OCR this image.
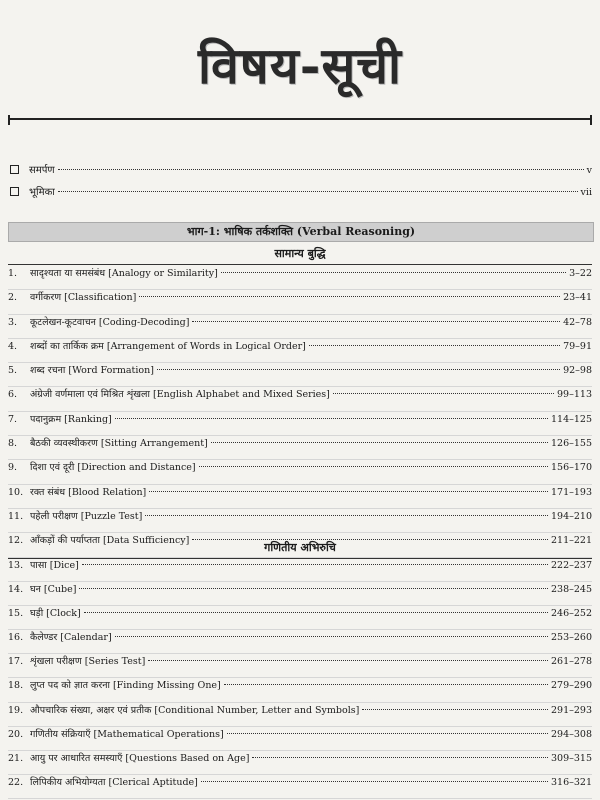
विषय-सूची
समर्पण	v
भूमिका	vii
भाग-1: भाषिक तर्कशक्ति (Verbal Reasoning)
सामान्य बुद्धि
1.	सादृश्यता या समसंबंध [Analogy or Similarity]	3–22
2.	वर्गीकरण [Classification]	23–41
3.	कूटलेखन-कूटवाचन [Coding-Decoding]	42–78
4.	शब्दों का तार्किक क्रम [Arrangement of Words in Logical Order]	79–91
5.	शब्द रचना [Word Formation]	92–98
6.	अंग्रेजी वर्णमाला एवं मिश्रित शृंखला [English Alphabet and Mixed Series]	99–113
7.	पदानुक्रम [Ranking]	114–125
8.	बैठकी व्यवस्थीकरण [Sitting Arrangement]	126–155
9.	दिशा एवं दूरी [Direction and Distance]	156–170
10. रक्त संबंध [Blood Relation]	171–193
11. पहेली परीक्षण [Puzzle Test]	194–210
12. आँकड़ों की पर्याप्तता [Data Sufficiency]	211–221
गणितीय अभिरुचि
13. पासा [Dice]	222–237
14. घन [Cube]	238–245
15. घड़ी [Clock]	246–252
16. कैलेण्डर [Calendar]	253–260
17. शृंखला परीक्षण [Series Test]	261–278
18. लुप्त पद को ज्ञात करना [Finding Missing One]	279–290
19. औपचारिक संख्या, अक्षर एवं प्रतीक [Conditional Number, Letter and Symbols]	291–293
20. गणितीय संक्रियाएँ [Mathematical Operations]	294–308
21. आयु पर आधारित समस्याएँ [Questions Based on Age]	309–315
22. लिपिकीय अभियोग्यता [Clerical Aptitude]	316–321
